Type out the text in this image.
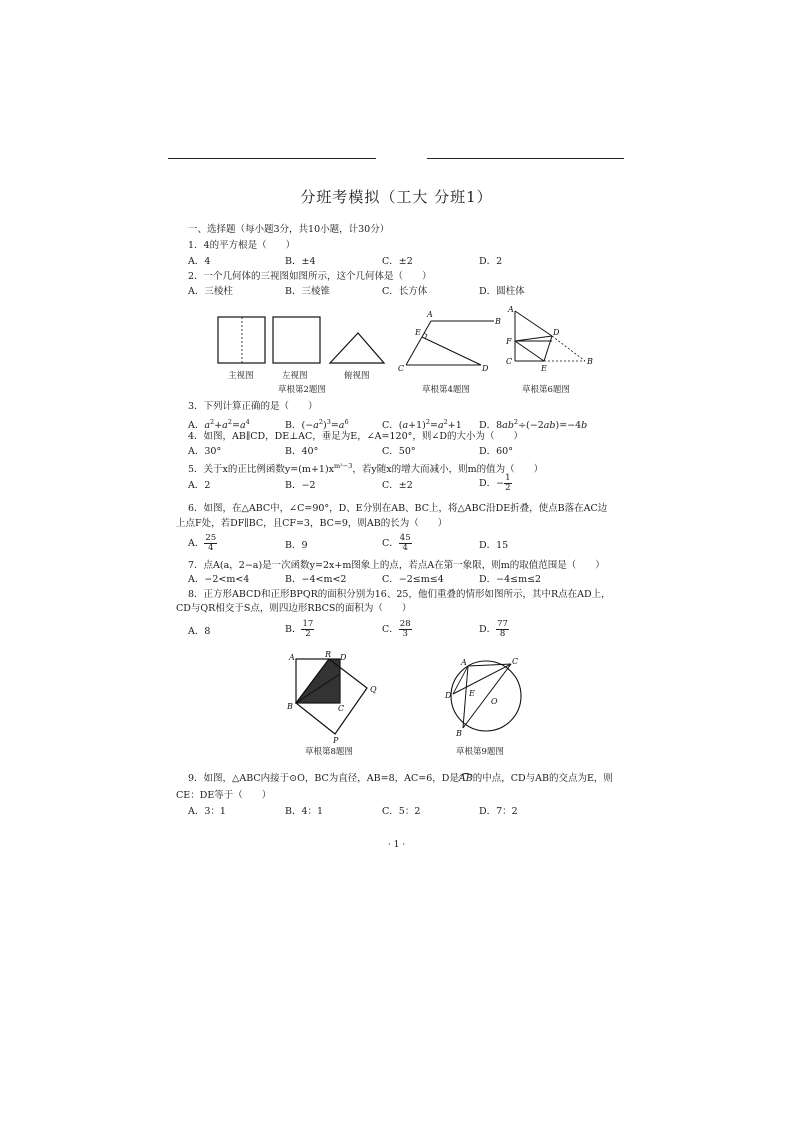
分班考模拟（工大 分班1）
一、选择题（每小题3分，共10小题，计30分）
1．4的平方根是（　　）
A．4	B．±4	C．±2	D．2
2．一个几何体的三视图如图所示，这个几何体是（　　）
A．三棱柱	B．三棱锥	C．长方体	D．圆柱体
主视图	左视图	俯视图
草根第2题图
A
B
E
C	D
草根第4题图
A
D
F
C
E
B
草根第6题图
3．下列计算正确的是（　　）
A．$a^2+a^2=a^4$	B．$(-a^2)^3=a^6$	C．$(a+1)^2=a^2+1$ D．$8ab^2\div(-2ab)=-4b$
4．如图，AB∥CD，DE⊥AC，垂足为E，∠A=120°，则∠D的大小为（　　）
A．30°	B．40°	C．50°	D．60°
5．关于x的正比例函数$y=(m+1)x^{m^2-3}$，若y随x的增大而减小，则m的值为（　　）
A．2	B．−2	C．±2	D．− $\frac{1}{2}$
6．如图，在△ABC中，∠C=90°，D、E分别在AB、BC上，将△ABC沿DE折叠，使点B落在AC边
上点F处，若DF∥BC，且CF=3，BC=9，则AB的长为（　　）
A． $\frac{25}{4}$	B．9	C． $\frac{45}{4}$	D．15
7．点A(a，2−a)是一次函数y=2x+m图象上的点，若点A在第一象限，则m的取值范围是（　　）
A．−2<m<4	B．−4<m<2	C．−2≤m≤4	D．−4≤m≤2
8．正方形ABCD和正形BPQR的面积分别为16、25，他们重叠的情形如图所示，其中R点在AD上，
CD与QR相交于S点，则四边形RBCS的面积为（　　）
A．8	B． $\frac{17}{2}$	C． $\frac{28}{3}$	D． $\frac{77}{8}$
A	R D
B	C
Q
P
草根第8题图
A	C
D E
O
B
草根第9题图
9．如图，△ABC内接于⊙O，BC为直径，AB=8，AC=6，D是AB的中点，CD与AB的交点为E，则
CE：DE等于（　　）
A．3：1	B．4：1	C．5：2	D．7：2
· 1 ·
